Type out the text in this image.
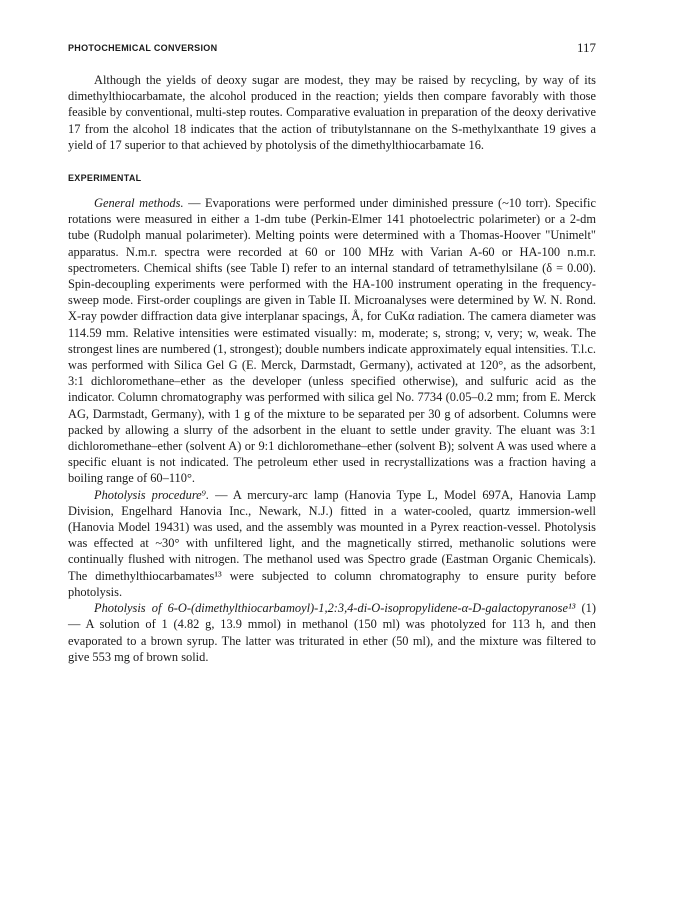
PHOTOCHEMICAL CONVERSION	117

Although the yields of deoxy sugar are modest, they may be raised by recycling, by way of its dimethylthiocarbamate, the alcohol produced in the reaction; yields then compare favorably with those feasible by conventional, multi-step routes. Comparative evaluation in preparation of the deoxy derivative 17 from the alcohol 18 indicates that the action of tributylstannane on the S-methylxanthate 19 gives a yield of 17 superior to that achieved by photolysis of the dimethylthiocarbamate 16.

EXPERIMENTAL

General methods. — Evaporations were performed under diminished pressure (~10 torr). Specific rotations were measured in either a 1-dm tube (Perkin-Elmer 141 photoelectric polarimeter) or a 2-dm tube (Rudolph manual polarimeter). Melting points were determined with a Thomas-Hoover "Unimelt" apparatus. N.m.r. spectra were recorded at 60 or 100 MHz with Varian A-60 or HA-100 n.m.r. spectrometers. Chemical shifts (see Table I) refer to an internal standard of tetramethylsilane (δ = 0.00). Spin-decoupling experiments were performed with the HA-100 instrument operating in the frequency-sweep mode. First-order couplings are given in Table II. Microanalyses were determined by W. N. Rond. X-ray powder diffraction data give interplanar spacings, Å, for CuKα radiation. The camera diameter was 114.59 mm. Relative intensities were estimated visually: m, moderate; s, strong; v, very; w, weak. The strongest lines are numbered (1, strongest); double numbers indicate approximately equal intensities. T.l.c. was performed with Silica Gel G (E. Merck, Darmstadt, Germany), activated at 120°, as the adsorbent, 3:1 dichloromethane–ether as the developer (unless specified otherwise), and sulfuric acid as the indicator. Column chromatography was performed with silica gel No. 7734 (0.05–0.2 mm; from E. Merck AG, Darmstadt, Germany), with 1 g of the mixture to be separated per 30 g of adsorbent. Columns were packed by allowing a slurry of the adsorbent in the eluant to settle under gravity. The eluant was 3:1 dichloromethane–ether (solvent A) or 9:1 dichloromethane–ether (solvent B); solvent A was used where a specific eluant is not indicated. The petroleum ether used in recrystallizations was a fraction having a boiling range of 60–110°.

Photolysis procedure⁹. — A mercury-arc lamp (Hanovia Type L, Model 697A, Hanovia Lamp Division, Engelhard Hanovia Inc., Newark, N.J.) fitted in a water-cooled, quartz immersion-well (Hanovia Model 19431) was used, and the assembly was mounted in a Pyrex reaction-vessel. Photolysis was effected at ~30° with unfiltered light, and the magnetically stirred, methanolic solutions were continually flushed with nitrogen. The methanol used was Spectro grade (Eastman Organic Chemicals). The dimethylthiocarbamates¹³ were subjected to column chromatography to ensure purity before photolysis.

Photolysis of 6-O-(dimethylthiocarbamoyl)-1,2:3,4-di-O-isopropylidene-α-D-galactopyranose¹³ (1) — A solution of 1 (4.82 g, 13.9 mmol) in methanol (150 ml) was photolyzed for 113 h, and then evaporated to a brown syrup. The latter was triturated in ether (50 ml), and the mixture was filtered to give 553 mg of brown solid.
